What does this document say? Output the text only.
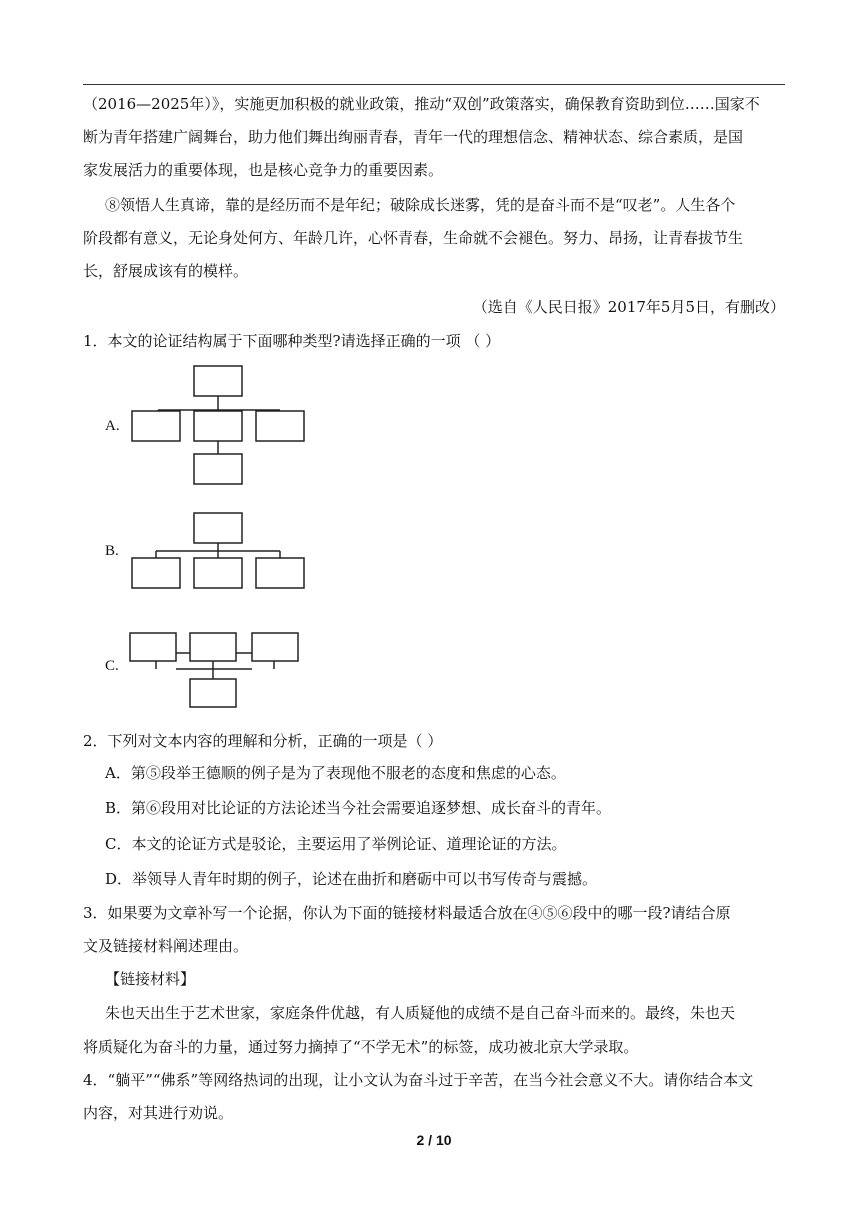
（2016—2025年）》，实施更加积极的就业政策，推动“双创”政策落实，确保教育资助到位……国家不
断为青年搭建广阔舞台，助力他们舞出绚丽青春，青年一代的理想信念、精神状态、综合素质，是国
家发展活力的重要体现，也是核心竞争力的重要因素。
⑧领悟人生真谛，靠的是经历而不是年纪；破除成长迷雾，凭的是奋斗而不是“叹老”。人生各个
阶段都有意义，无论身处何方、年龄几许，心怀青春，生命就不会褪色。努力、昂扬，让青春拔节生
长，舒展成该有的模样。
（选自《人民日报》2017年5月5日，有删改）
1．本文的论证结构属于下面哪种类型?请选择正确的一项 （ ）
A.
B.
C.
2．下列对文本内容的理解和分析，正确的一项是（ ）
A．第⑤段举王德顺的例子是为了表现他不服老的态度和焦虑的心态。
B．第⑥段用对比论证的方法论述当今社会需要追逐梦想、成长奋斗的青年。
C．本文的论证方式是驳论，主要运用了举例论证、道理论证的方法。
D．举领导人青年时期的例子，论述在曲折和磨砺中可以书写传奇与震撼。
3．如果要为文章补写一个论据，你认为下面的链接材料最适合放在④⑤⑥段中的哪一段?请结合原
文及链接材料阐述理由。
【链接材料】
朱也天出生于艺术世家，家庭条件优越，有人质疑他的成绩不是自己奋斗而来的。最终，朱也天
将质疑化为奋斗的力量，通过努力摘掉了“不学无术”的标签，成功被北京大学录取。
4．“躺平”“佛系”等网络热词的出现，让小文认为奋斗过于辛苦，在当今社会意义不大。请你结合本文
内容，对其进行劝说。
2 / 10
